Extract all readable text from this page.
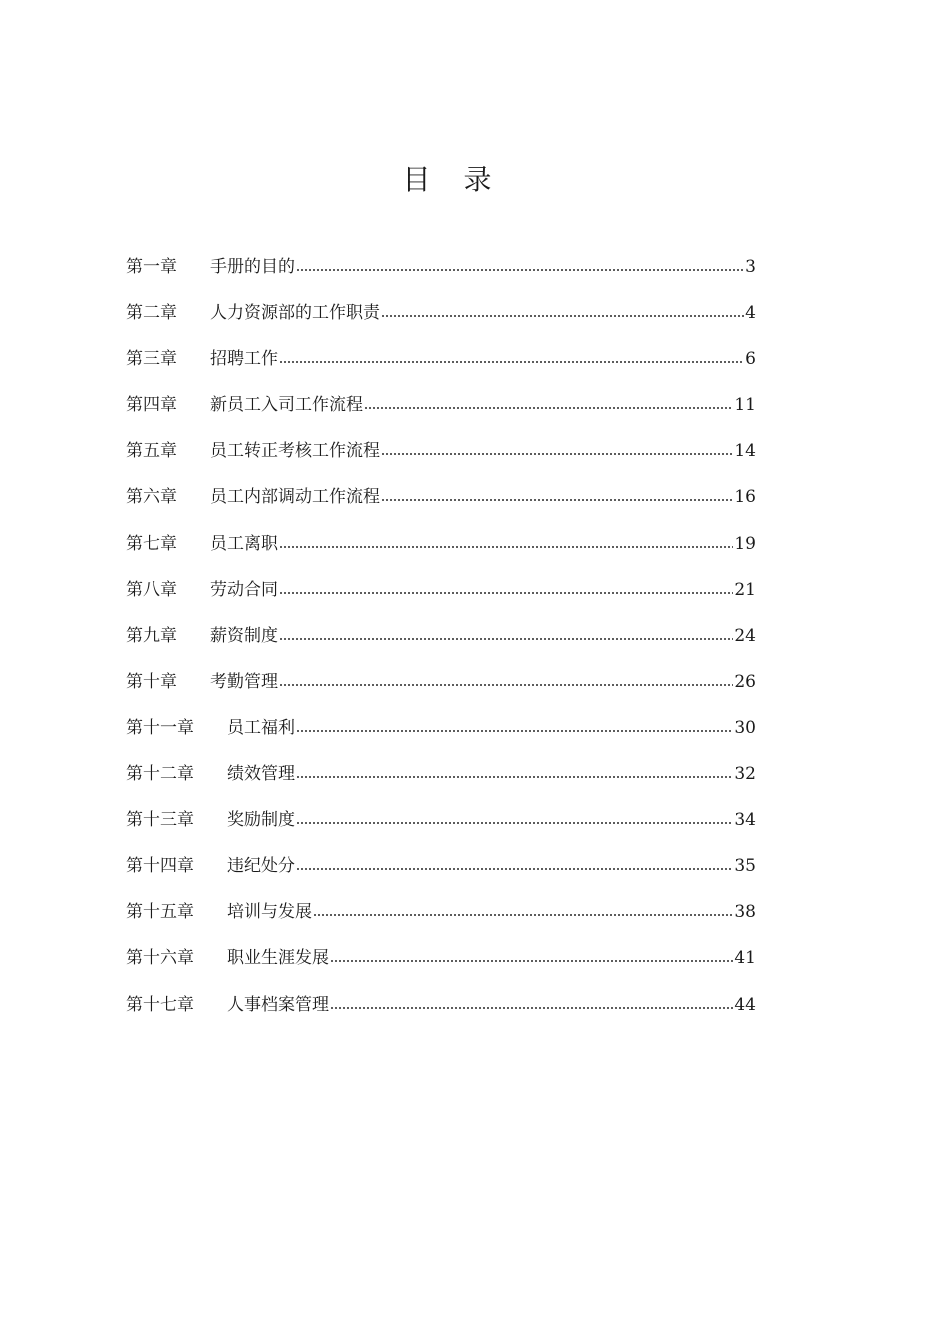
目 录
第一章	手册的目的	3
第二章	人力资源部的工作职责	4
第三章	招聘工作	6
第四章	新员工入司工作流程	11
第五章	员工转正考核工作流程	14
第六章	员工内部调动工作流程	16
第七章	员工离职	19
第八章	劳动合同	21
第九章	薪资制度	24
第十章	考勤管理	26
第十一章	员工福利	30
第十二章	绩效管理	32
第十三章	奖励制度	34
第十四章	违纪处分	35
第十五章	培训与发展	38
第十六章	职业生涯发展	41
第十七章	人事档案管理	44
